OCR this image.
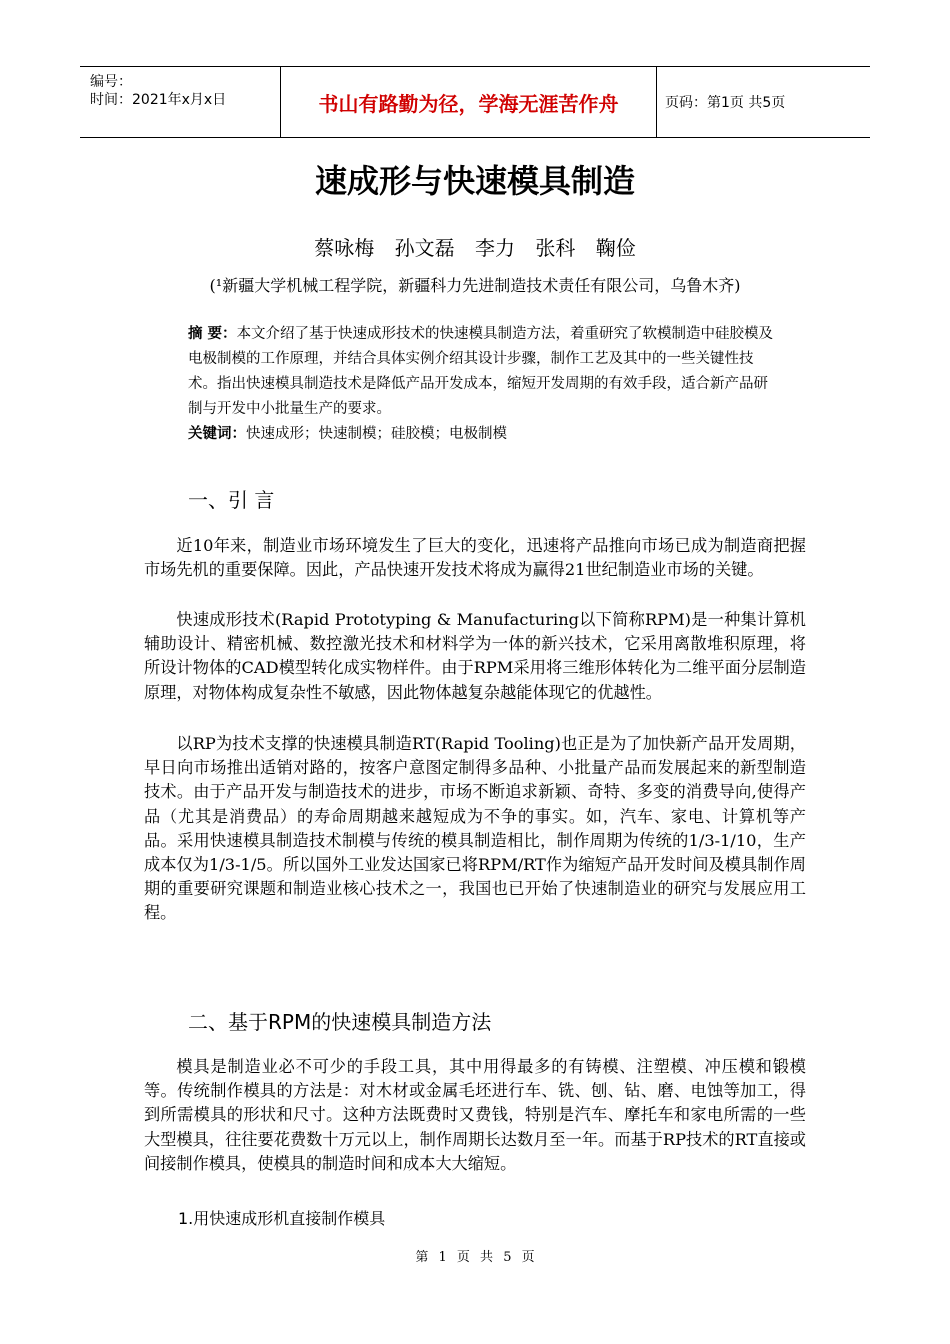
编号：
时间：2021年x月x日	书山有路勤为径，学海无涯苦作舟	页码：第1页 共5页
速成形与快速模具制造
蔡咏梅 孙文磊 李力 张科 鞠俭
(¹新疆大学机械工程学院，新疆科力先进制造技术责任有限公司，乌鲁木齐)
摘 要：本文介绍了基于快速成形技术的快速模具制造方法，着重研究了软模制造中硅胶模及电极制模的工作原理，并结合具体实例介绍其设计步骤，制作工艺及其中的一些关键性技术。指出快速模具制造技术是降低产品开发成本，缩短开发周期的有效手段，适合新产品研制与开发中小批量生产的要求。
关键词：快速成形；快速制模；硅胶模；电极制模
一、引 言
近10年来，制造业市场环境发生了巨大的变化，迅速将产品推向市场已成为制造商把握市场先机的重要保障。因此，产品快速开发技术将成为赢得21世纪制造业市场的关键。
快速成形技术(Rapid Prototyping & Manufacturing以下简称RPM)是一种集计算机辅助设计、精密机械、数控激光技术和材料学为一体的新兴技术，它采用离散堆积原理，将所设计物体的CAD模型转化成实物样件。由于RPM采用将三维形体转化为二维平面分层制造原理，对物体构成复杂性不敏感，因此物体越复杂越能体现它的优越性。
以RP为技术支撑的快速模具制造RT(Rapid Tooling)也正是为了加快新产品开发周期，早日向市场推出适销对路的，按客户意图定制得多品种、小批量产品而发展起来的新型制造技术。由于产品开发与制造技术的进步，市场不断追求新颖、奇特、多变的消费导向,使得产品（尤其是消费品）的寿命周期越来越短成为不争的事实。如，汽车、家电、计算机等产品。采用快速模具制造技术制模与传统的模具制造相比，制作周期为传统的1/3-1/10，生产成本仅为1/3-1/5。所以国外工业发达国家已将RPM/RT作为缩短产品开发时间及模具制作周期的重要研究课题和制造业核心技术之一，我国也已开始了快速制造业的研究与发展应用工程。
二、基于RPM的快速模具制造方法
模具是制造业必不可少的手段工具，其中用得最多的有铸模、注塑模、冲压模和锻模等。传统制作模具的方法是：对木材或金属毛坯进行车、铣、刨、钻、磨、电蚀等加工，得到所需模具的形状和尺寸。这种方法既费时又费钱，特别是汽车、摩托车和家电所需的一些大型模具，往往要花费数十万元以上，制作周期长达数月至一年。而基于RP技术的RT直接或间接制作模具，使模具的制造时间和成本大大缩短。
1.用快速成形机直接制作模具
第 1 页 共 5 页
